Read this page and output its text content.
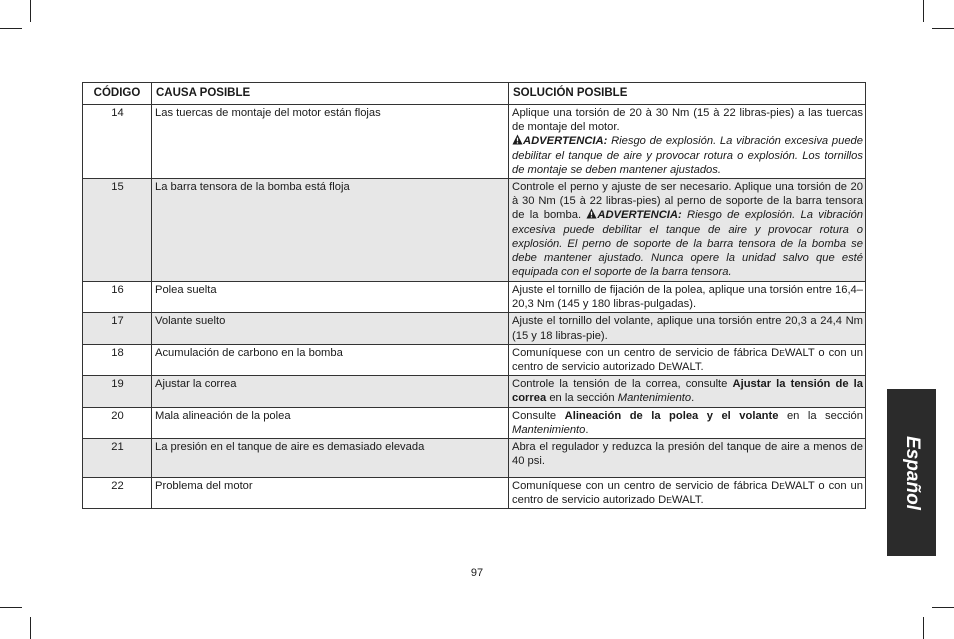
CÓDIGO	CAUSA POSIBLE	SOLUCIÓN POSIBLE
14	Las tuercas de montaje del motor están flojas	Aplique una torsión de 20 à 30 Nm (15 à 22 libras-pies) a las tuercas de montaje del motor.
ADVERTENCIA: Riesgo de explosión. La vibración excesiva puede debilitar el tanque de aire y provocar rotura o explosión. Los tornillos de montaje se deben mantener ajustados.
15	La barra tensora de la bomba está floja	Controle el perno y ajuste de ser necesario. Aplique una torsión de 20 à 30 Nm (15 à 22 libras-pies) al perno de soporte de la barra tensora de la bomba. ADVERTENCIA: Riesgo de explosión. La vibración excesiva puede debilitar el tanque de aire y provocar rotura o explosión. El perno de soporte de la barra tensora de la bomba se debe mantener ajustado. Nunca opere la unidad salvo que esté equipada con el soporte de la barra tensora.
16	Polea suelta	Ajuste el tornillo de fijación de la polea, aplique una torsión entre 16,4–20,3 Nm (145 y 180 libras-pulgadas).
17	Volante suelto	Ajuste el tornillo del volante, aplique una torsión entre 20,3 a 24,4 Nm (15 y 18 libras-pie).
18	Acumulación de carbono en la bomba	Comuníquese con un centro de servicio de fábrica DEWALT o con un centro de servicio autorizado DEWALT.
19	Ajustar la correa	Controle la tensión de la correa, consulte Ajustar la tensión de la correa en la sección Mantenimiento.
20	Mala alineación de la polea	Consulte Alineación de la polea y el volante en la sección Mantenimiento.
21	La presión en el tanque de aire es demasiado elevada	Abra el regulador y reduzca la presión del tanque de aire a menos de 40 psi.
22	Problema del motor	Comuníquese con un centro de servicio de fábrica DEWALT o con un centro de servicio autorizado DEWALT.	Español
97
